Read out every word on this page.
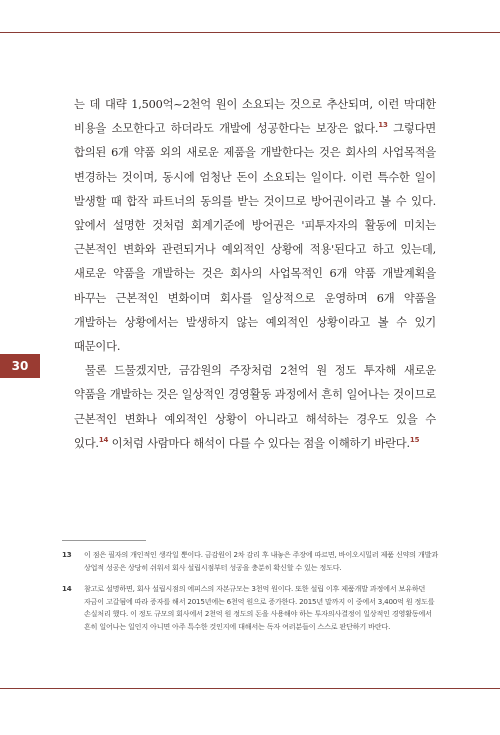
30

는 데 대략 1,500억~2천억 원이 소요되는 것으로 추산되며, 이런 막대한 비용을 소모한다고 하더라도 개발에 성공한다는 보장은 없다.$^{13}$ 그렇다면 합의된 6개 약품 외의 새로운 제품을 개발한다는 것은 회사의 사업목적을 변경하는 것이며, 동시에 엄청난 돈이 소요되는 일이다. 이런 특수한 일이 발생할 때 합작 파트너의 동의를 받는 것이므로 방어권이라고 볼 수 있다. 앞에서 설명한 것처럼 회계기준에 방어권은 '피투자자의 활동에 미치는 근본적인 변화와 관련되거나 예외적인 상황에 적용'된다고 하고 있는데, 새로운 약품을 개발하는 것은 회사의 사업목적인 6개 약품 개발계획을 바꾸는 근본적인 변화이며 회사를 일상적으로 운영하며 6개 약품을 개발하는 상황에서는 발생하지 않는 예외적인 상황이라고 볼 수 있기 때문이다.

물론 드물겠지만, 금감원의 주장처럼 2천억 원 정도 투자해 새로운 약품을 개발하는 것은 일상적인 경영활동 과정에서 흔히 일어나는 것이므로 근본적인 변화나 예외적인 상황이 아니라고 해석하는 경우도 있을 수 있다.$^{14}$ 이처럼 사람마다 해석이 다를 수 있다는 점을 이해하기 바란다.$^{15}$

13	이 점은 필자의 개인적인 생각일 뿐이다. 금감원이 2차 감리 후 내놓은 주장에 따르면, 바이오시밀러 제품 신약의 개발과 상업적 성공은 상당히 쉬워서 회사 설립시점부터 성공을 충분히 확신할 수 있는 정도다.
14	참고로 설명하면, 회사 설립시점의 에피스의 자본규모는 3천억 원이다. 또한 설립 이후 제품개발 과정에서 보유하던 자금이 고갈됨에 따라 증자를 해서 2015년에는 6천억 원으로 증가한다. 2015년 말까지 이 중에서 3,400억 원 정도를 손실처리 했다. 이 정도 규모의 회사에서 2천억 원 정도의 돈을 사용해야 하는 투자의사결정이 일상적인 경영활동에서 흔히 일어나는 일인지 아니면 아주 특수한 것인지에 대해서는 독자 여러분들이 스스로 판단하기 바란다.
